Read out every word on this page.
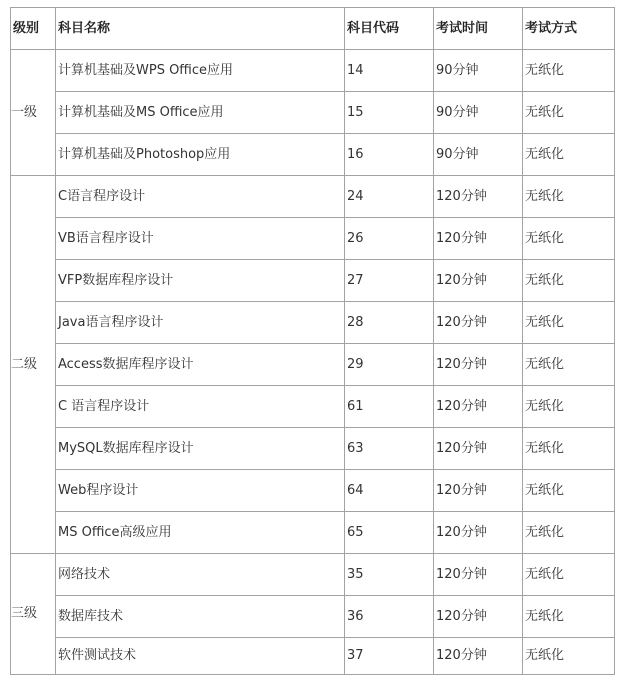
级别	科目名称	科目代码	考试时间	考试方式
一级	计算机基础及WPS Office应用	14	90分钟	无纸化
	计算机基础及MS Office应用	15	90分钟	无纸化
	计算机基础及Photoshop应用	16	90分钟	无纸化
二级	C语言程序设计	24	120分钟	无纸化
	VB语言程序设计	26	120分钟	无纸化
	VFP数据库程序设计	27	120分钟	无纸化
	Java语言程序设计	28	120分钟	无纸化
	Access数据库程序设计	29	120分钟	无纸化
	C 语言程序设计	61	120分钟	无纸化
	MySQL数据库程序设计	63	120分钟	无纸化
	Web程序设计	64	120分钟	无纸化
	MS Office高级应用	65	120分钟	无纸化
三级	网络技术	35	120分钟	无纸化
	数据库技术	36	120分钟	无纸化
	软件测试技术	37	120分钟	无纸化
